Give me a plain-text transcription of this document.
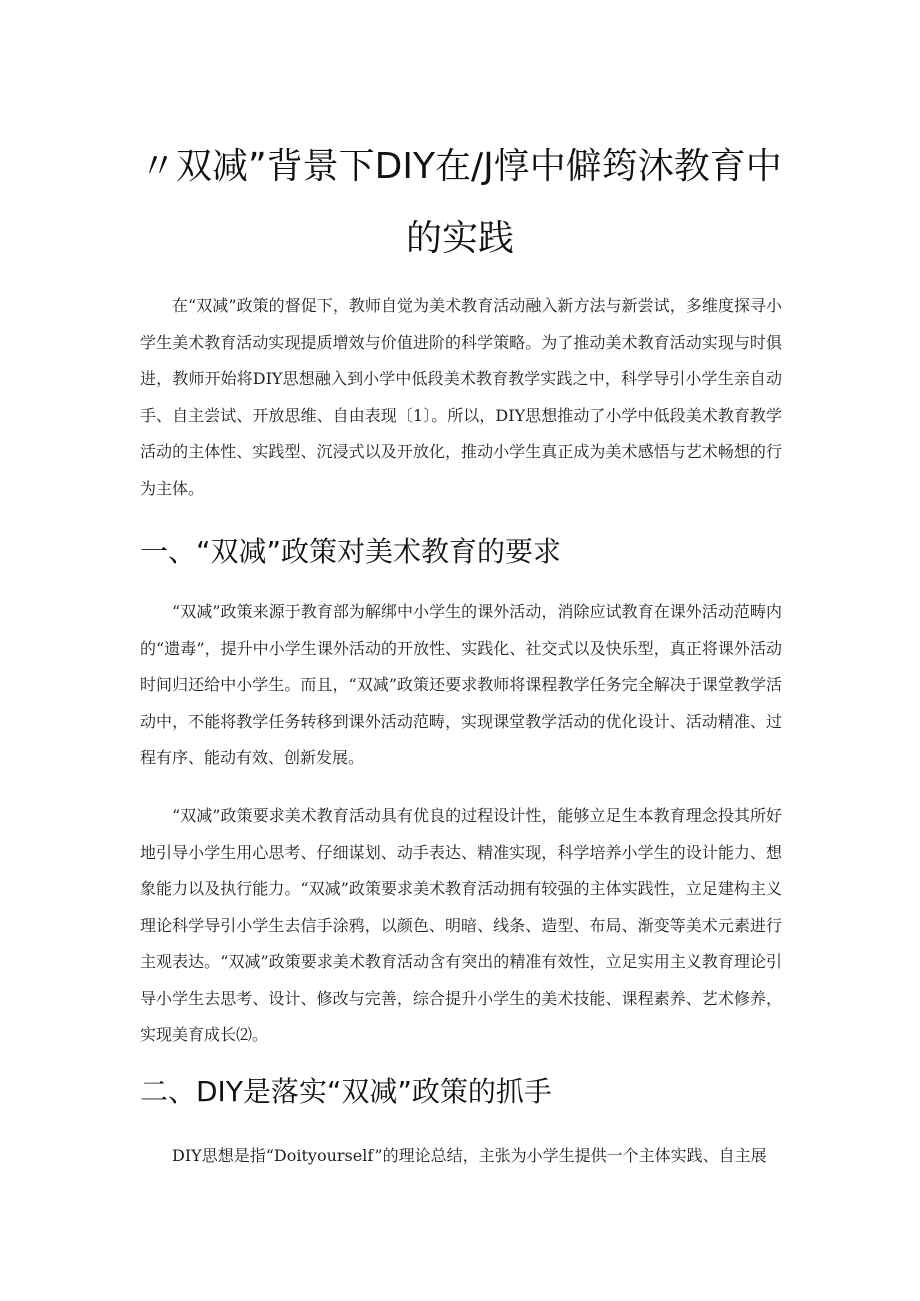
〃双减”背景下DIY在/J惇中僻筠沐教育中
的实践

在“双减”政策的督促下，教师自觉为美术教育活动融入新方法与新尝试，多维度探寻小学生美术教育活动实现提质增效与价值进阶的科学策略。为了推动美术教育活动实现与时俱进，教师开始将DIY思想融入到小学中低段美术教育教学实践之中，科学导引小学生亲自动手、自主尝试、开放思维、自由表现〔1〕。所以，DIY思想推动了小学中低段美术教育教学活动的主体性、实践型、沉浸式以及开放化，推动小学生真正成为美术感悟与艺术畅想的行为主体。

一、“双减”政策对美术教育的要求

“双减”政策来源于教育部为解绑中小学生的课外活动，消除应试教育在课外活动范畴内的“遗毒”，提升中小学生课外活动的开放性、实践化、社交式以及快乐型，真正将课外活动时间归还给中小学生。而且，“双减”政策还要求教师将课程教学任务完全解决于课堂教学活动中，不能将教学任务转移到课外活动范畴，实现课堂教学活动的优化设计、活动精准、过程有序、能动有效、创新发展。

“双减”政策要求美术教育活动具有优良的过程设计性，能够立足生本教育理念投其所好地引导小学生用心思考、仔细谋划、动手表达、精准实现，科学培养小学生的设计能力、想象能力以及执行能力。“双减”政策要求美术教育活动拥有较强的主体实践性，立足建构主义理论科学导引小学生去信手涂鸦，以颜色、明暗、线条、造型、布局、渐变等美术元素进行主观表达。“双减”政策要求美术教育活动含有突出的精准有效性，立足实用主义教育理论引导小学生去思考、设计、修改与完善，综合提升小学生的美术技能、课程素养、艺术修养，实现美育成长⑵。

二、DIY是落实“双减”政策的抓手

DIY思想是指“Doityourself”的理论总结，主张为小学生提供一个主体实践、自主展
